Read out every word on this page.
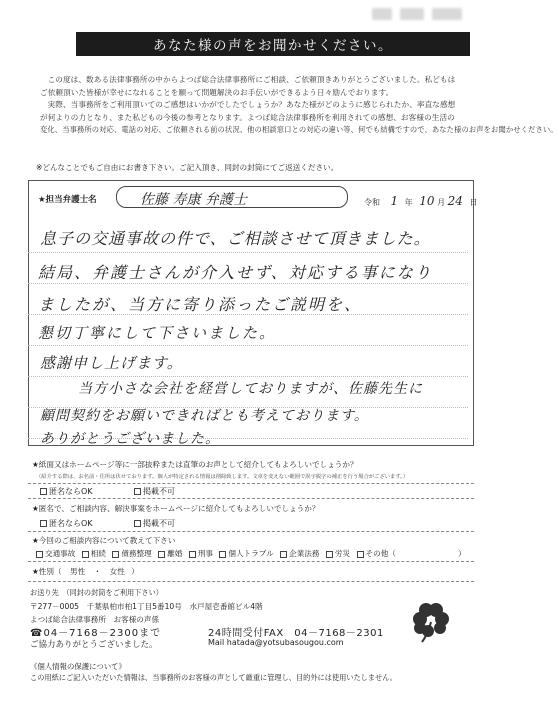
あなた様の声をお聞かせください。
この度は、数ある法律事務所の中からよつば総合法律事務所にご相談、ご依頼頂きありがとうございました。私どもは
ご依頼頂いた皆様が幸せになれることを願って問題解決のお手伝いができるよう日々励んでおります。
実際、当事務所をご利用頂いてのご感想はいかがでしたでしょうか？あなた様がどのように感じられたか、率直な感想
が何よりの力となり、また私どもの今後の参考となります。よつば総合法律事務所を利用されての感想、お客様の生活の
変化、当事務所の対応、電話の対応、ご依頼される前の状況、他の相談窓口との対応の違い等、何でも結構ですので、あなた様のお声をお聞かせください。
※どんなことでもご自由にお書き下さい。ご記入頂き、同封の封筒にてご返送ください。
★担当弁護士名	佐藤 寿康 弁護士	令和 1 年 10 月 24 日
息子の交通事故の件で、ご相談させて頂きました。
結局、弁護士さんが介入せず、対応する事になり
ましたが、当方に寄り添ったご説明を、
懇切丁寧にして下さいました。
感謝申し上げます。
当方小さな会社を経営しておりますが、佐藤先生に
顧問契約をお願いできればとも考えております。
ありがとうございました。
★紙面又はホームページ等に一部抜粋または直筆のお声として紹介してもよろしいでしょうか？
（紹介する際は、お名前・住所は伏せております。個人が特定される情報は削除致します。文章を変えない範囲で誤字脱字の補正を行う場合がございます。）
匿名ならOK	掲載不可
★匿名で、ご相談内容、解決事案をホームページに紹介してもよろしいでしょうか？
匿名ならOK	掲載不可
★今回のご相談内容について教えて下さい
交通事故 相続 債務整理 離婚 刑事 個人トラブル 企業法務 労災 その他（	）
★性別（ 男性 ・ 女性 ）
お送り先　（同封の封筒をご利用下さい）
〒277－0005　千葉県柏市柏1丁目5番10号　水戸屋壱番館ビル4階
よつば総合法律事務所　お客様の声係
☎04－7168－2300まで	24時間受付FAX　04－7168－2301
ご協力ありがとうございました。	Mail hatada@yotsubasougou.com
《個人情報の保護について》
この用紙にご記入いただいた情報は、当事務所のお客様の声として厳重に管理し、目的外には使用いたしません。
